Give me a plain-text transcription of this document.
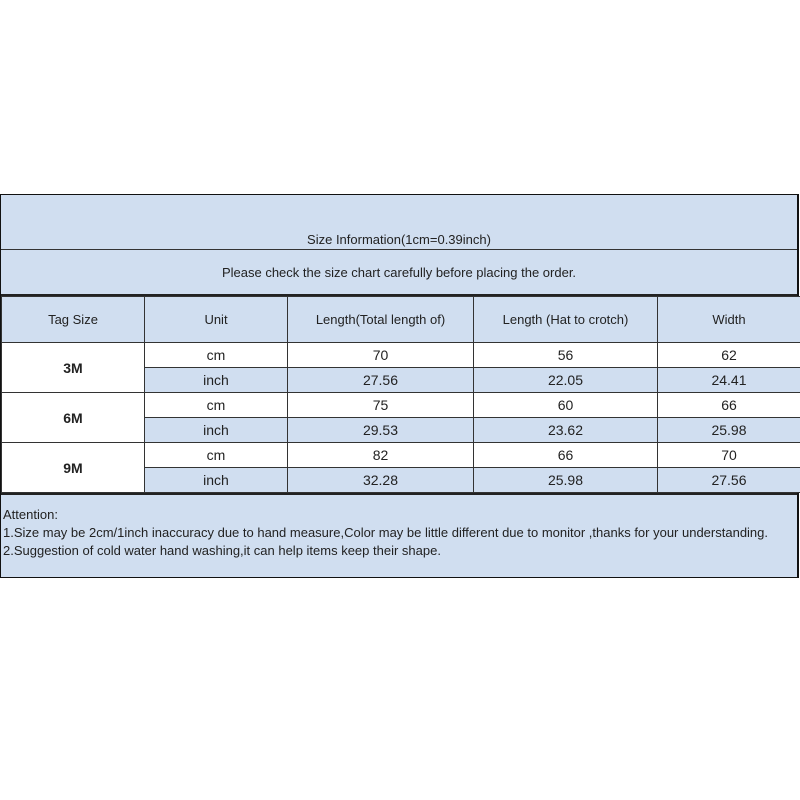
Size Information(1cm=0.39inch)
Please check the size chart carefully before placing the order.
Tag Size	Unit	Length(Total length of)	Length (Hat to crotch)	Width
3M	cm	70	56	62
	inch	27.56	22.05	24.41
6M	cm	75	60	66
	inch	29.53	23.62	25.98
9M	cm	82	66	70
	inch	32.28	25.98	27.56
Attention:
1.Size may be 2cm/1inch inaccuracy due to hand measure,Color may be little different due to monitor ,thanks for your understanding.
2.Suggestion of cold water hand washing,it can help items keep their shape.
